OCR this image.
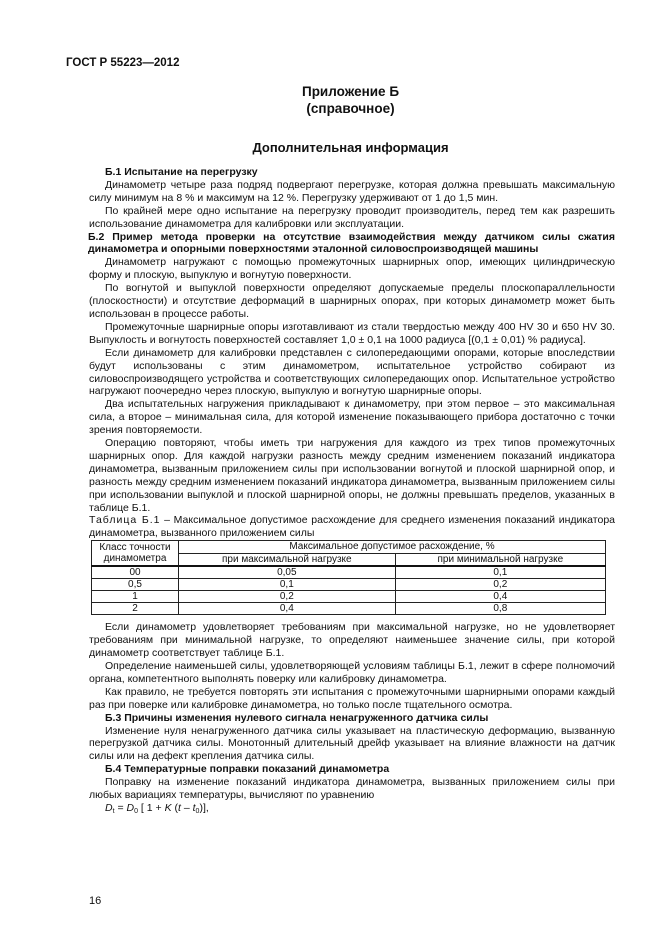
ГОСТ Р 55223—2012
Приложение Б
(справочное)
Дополнительная информация

Б.1 Испытание на перегрузку

Динамометр четыре раза подряд подвергают перегрузке, которая должна превышать максимальную силу минимум на 8 % и максимум на 12 %. Перегрузку удерживают от 1 до 1,5 мин.

По крайней мере одно испытание на перегрузку проводит производитель, перед тем как разрешить использование динамометра для калибровки или эксплуатации.

Б.2 Пример метода проверки на отсутствие взаимодействия между датчиком силы сжатия динамометра и опорными поверхностями эталонной силовоспроизводящей машины

Динамометр нагружают с помощью промежуточных шарнирных опор, имеющих цилиндрическую форму и плоскую, выпуклую и вогнутую поверхности.

По вогнутой и выпуклой поверхности определяют допускаемые пределы плоскопараллельности (плоскостности) и отсутствие деформаций в шарнирных опорах, при которых динамометр может быть использован в процессе работы.

Промежуточные шарнирные опоры изготавливают из стали твердостью между 400 HV 30 и 650 HV 30. Выпуклость и вогнутость поверхностей составляет 1,0 ± 0,1 на 1000 радиуса [(0,1 ± 0,01) % радиуса].

Если динамометр для калибровки представлен с силопередающими опорами, которые впоследствии будут использованы с этим динамометром, испытательное устройство собирают из силовоспроизводящего устройства и соответствующих силопередающих опор. Испытательное устройство нагружают поочередно через плоскую, выпуклую и вогнутую шарнирные опоры.

Два испытательных нагружения прикладывают к динамометру, при этом первое – это максимальная сила, а второе – минимальная сила, для которой изменение показывающего прибора достаточно с точки зрения повторяемости.

Операцию повторяют, чтобы иметь три нагружения для каждого из трех типов промежуточных шарнирных опор. Для каждой нагрузки разность между средним изменением показаний индикатора динамометра, вызванным приложением силы при использовании вогнутой и плоской шарнирной опор, и разность между средним изменением показаний индикатора динамометра, вызванным приложением силы при использовании выпуклой и плоской шарнирной опоры, не должны превышать пределов, указанных в таблице Б.1.

Таблица Б.1 – Максимальное допустимое расхождение для среднего изменения показаний индикатора динамометра, вызванного приложением силы

Класс точности динамометра	Максимальное допустимое расхождение, %	
	при максимальной нагрузке	при минимальной нагрузке
00	0,05	0,1
0,5	0,1	0,2
1	0,2	0,4
2	0,4	0,8

Если динамометр удовлетворяет требованиям при максимальной нагрузке, но не удовлетворяет требованиям при минимальной нагрузке, то определяют наименьшее значение силы, при которой динамометр соответствует таблице Б.1.

Определение наименьшей силы, удовлетворяющей условиям таблицы Б.1, лежит в сфере полномочий органа, компетентного выполнять поверку или калибровку динамометра.

Как правило, не требуется повторять эти испытания с промежуточными шарнирными опорами каждый раз при поверке или калибровке динамометра, но только после тщательного осмотра.

Б.3 Причины изменения нулевого сигнала ненагруженного датчика силы

Изменение нуля ненагруженного датчика силы указывает на пластическую деформацию, вызванную перегрузкой датчика силы. Монотонный длительный дрейф указывает на влияние влажности на датчик силы или на дефект крепления датчика силы.

Б.4 Температурные поправки показаний динамометра

Поправку на изменение показаний индикатора динамометра, вызванных приложением силы при любых вариациях температуры, вычисляют по уравнению

$D_t = D_0$ [ 1 + K $(t - t_0)$],

16
